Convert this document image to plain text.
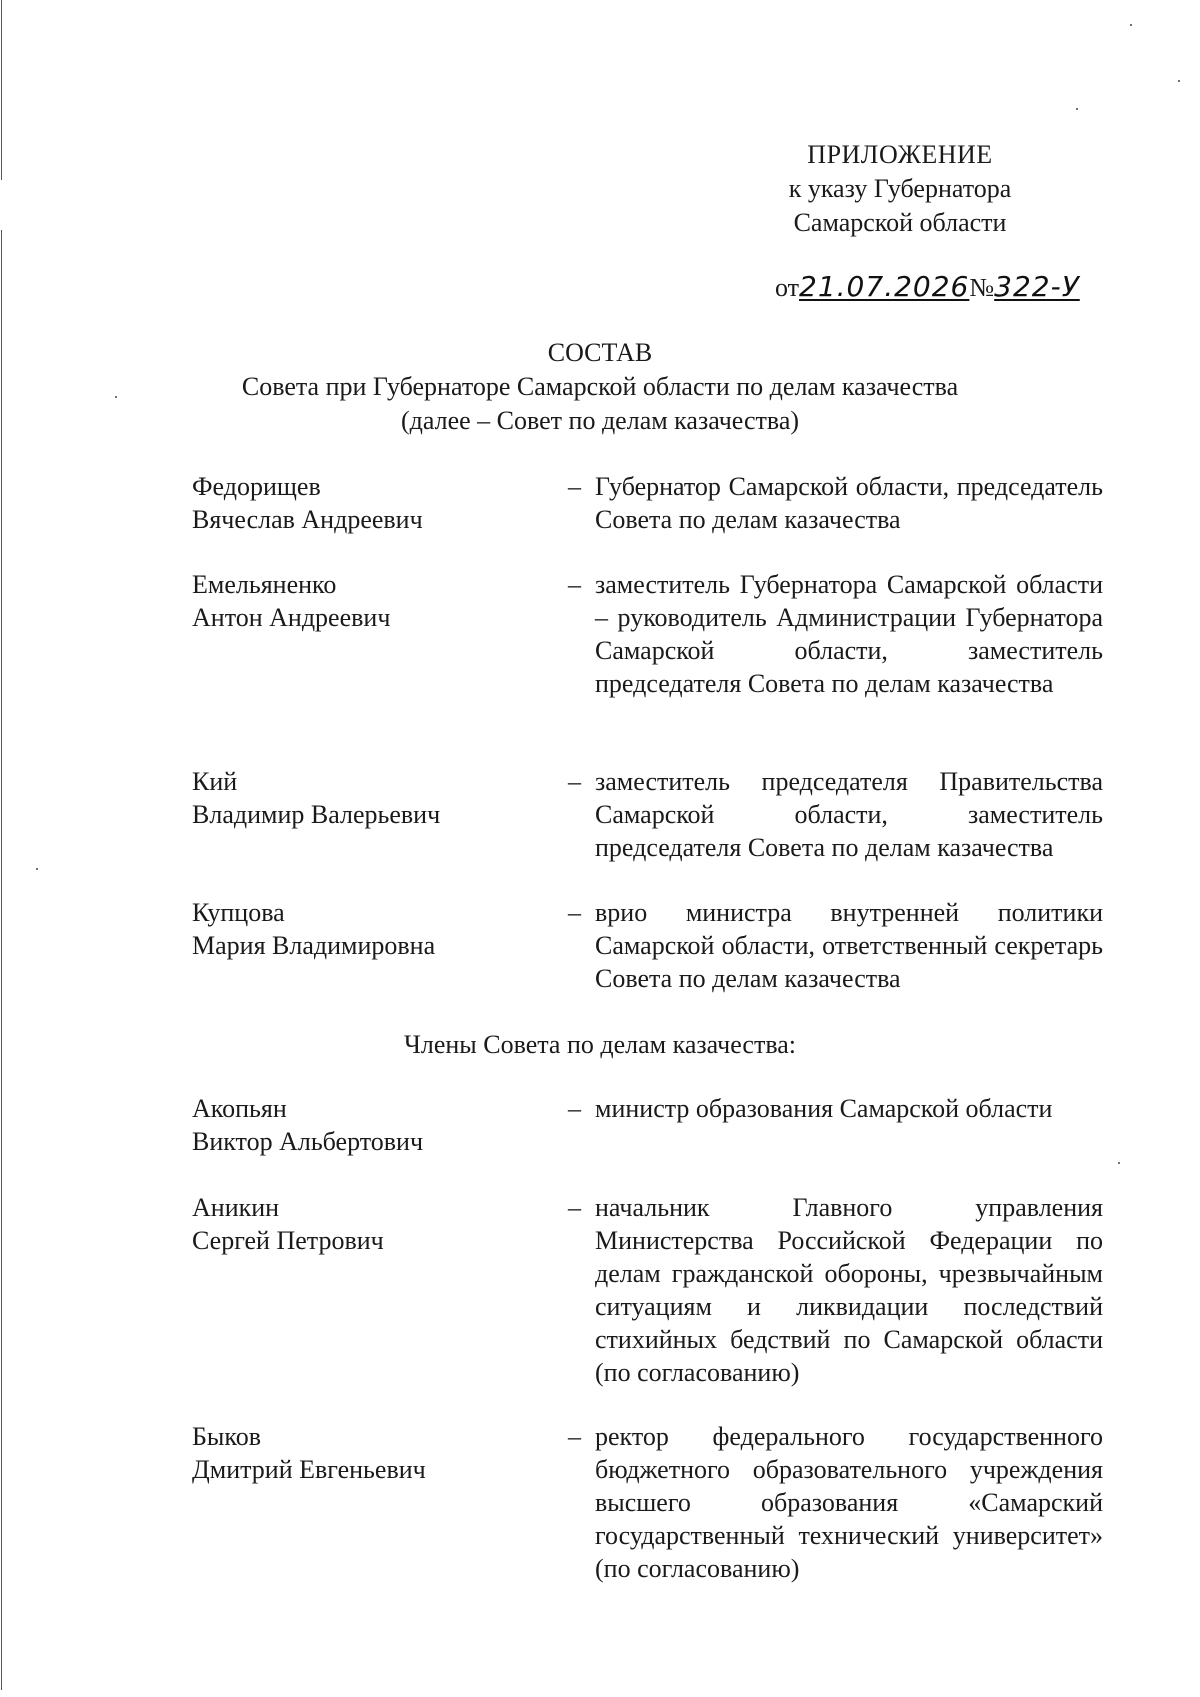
ПРИЛОЖЕНИЕ
к указу Губернатора
Самарской области
от21.07.2026№322-У
СОСТАВ
Совета при Губернаторе Самарской области по делам казачества
(далее – Совет по делам казачества)
Федорищев
Вячеслав Андреевич
– Губернатор Самарской области, председатель Совета по делам казачества
Емельяненко
Антон Андреевич
– заместитель Губернатора Самарской области – руководитель Администрации Губернатора Самарской области, заместитель председателя Совета по делам казачества
Кий
Владимир Валерьевич
– заместитель председателя Правительства Самарской области, заместитель председателя Совета по делам казачества
Купцова
Мария Владимировна
– врио министра внутренней политики Самарской области, ответственный секретарь Совета по делам казачества
Члены Совета по делам казачества:
Акопьян
Виктор Альбертович
– министр образования Самарской области
Аникин
Сергей Петрович
– начальник Главного управления Министерства Российской Федерации по делам гражданской обороны, чрезвычайным ситуациям и ликвидации последствий стихийных бедствий по Самарской области (по согласованию)
Быков
Дмитрий Евгеньевич
– ректор федерального государственного бюджетного образовательного учреждения высшего образования «Самарский государственный технический университет» (по согласованию)
